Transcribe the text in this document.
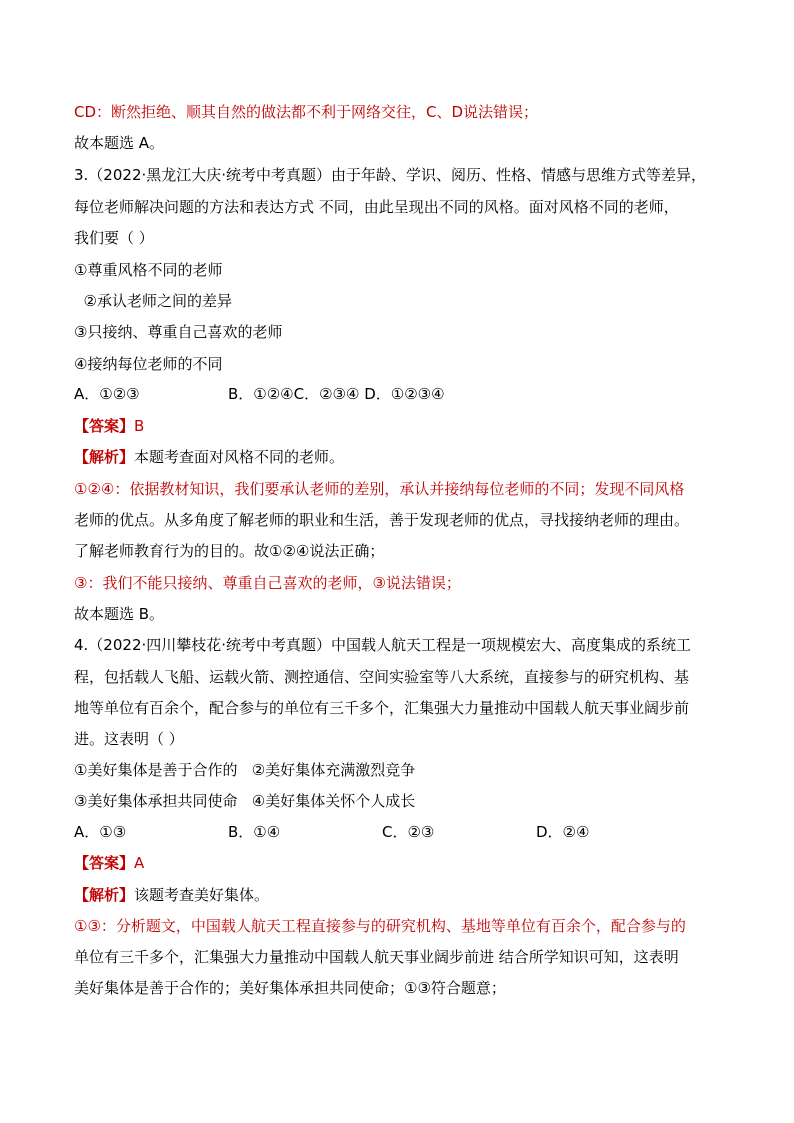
CD：断然拒绝、顺其自然的做法都不利于网络交往，C、D说法错误；
故本题选 A。
3.（2022·黑龙江大庆·统考中考真题）由于年龄、学识、阅历、性格、情感与思维方式等差异，
每位老师解决问题的方法和表达方式 不同，由此呈现出不同的风格。面对风格不同的老师，
我们要（ ）
①尊重风格不同的老师
②承认老师之间的差异
③只接纳、尊重自己喜欢的老师
④接纳每位老师的不同
A．①②③	B．①②④C．②③④ D．①②③④
【答案】B
【解析】本题考查面对风格不同的老师。
①②④：依据教材知识，我们要承认老师的差别，承认并接纳每位老师的不同；发现不同风格
老师的优点。从多角度了解老师的职业和生活，善于发现老师的优点，寻找接纳老师的理由。
了解老师教育行为的目的。故①②④说法正确；
③：我们不能只接纳、尊重自己喜欢的老师，③说法错误；
故本题选 B。
4.（2022·四川攀枝花·统考中考真题）中国载人航天工程是一项规模宏大、高度集成的系统工
程，包括载人飞船、运载火箭、测控通信、空间实验室等八大系统，直接参与的研究机构、基
地等单位有百余个，配合参与的单位有三千多个，汇集强大力量推动中国载人航天事业阔步前
进。这表明（ ）
①美好集体是善于合作的   ②美好集体充满激烈竞争
③美好集体承担共同使命   ④美好集体关怀个人成长
A．①③	B．①④	C．②③	D．②④
【答案】A
【解析】该题考查美好集体。
①③：分析题文，中国载人航天工程直接参与的研究机构、基地等单位有百余个，配合参与的
单位有三千多个，汇集强大力量推动中国载人航天事业阔步前进 结合所学知识可知，这表明
美好集体是善于合作的；美好集体承担共同使命；①③符合题意；
